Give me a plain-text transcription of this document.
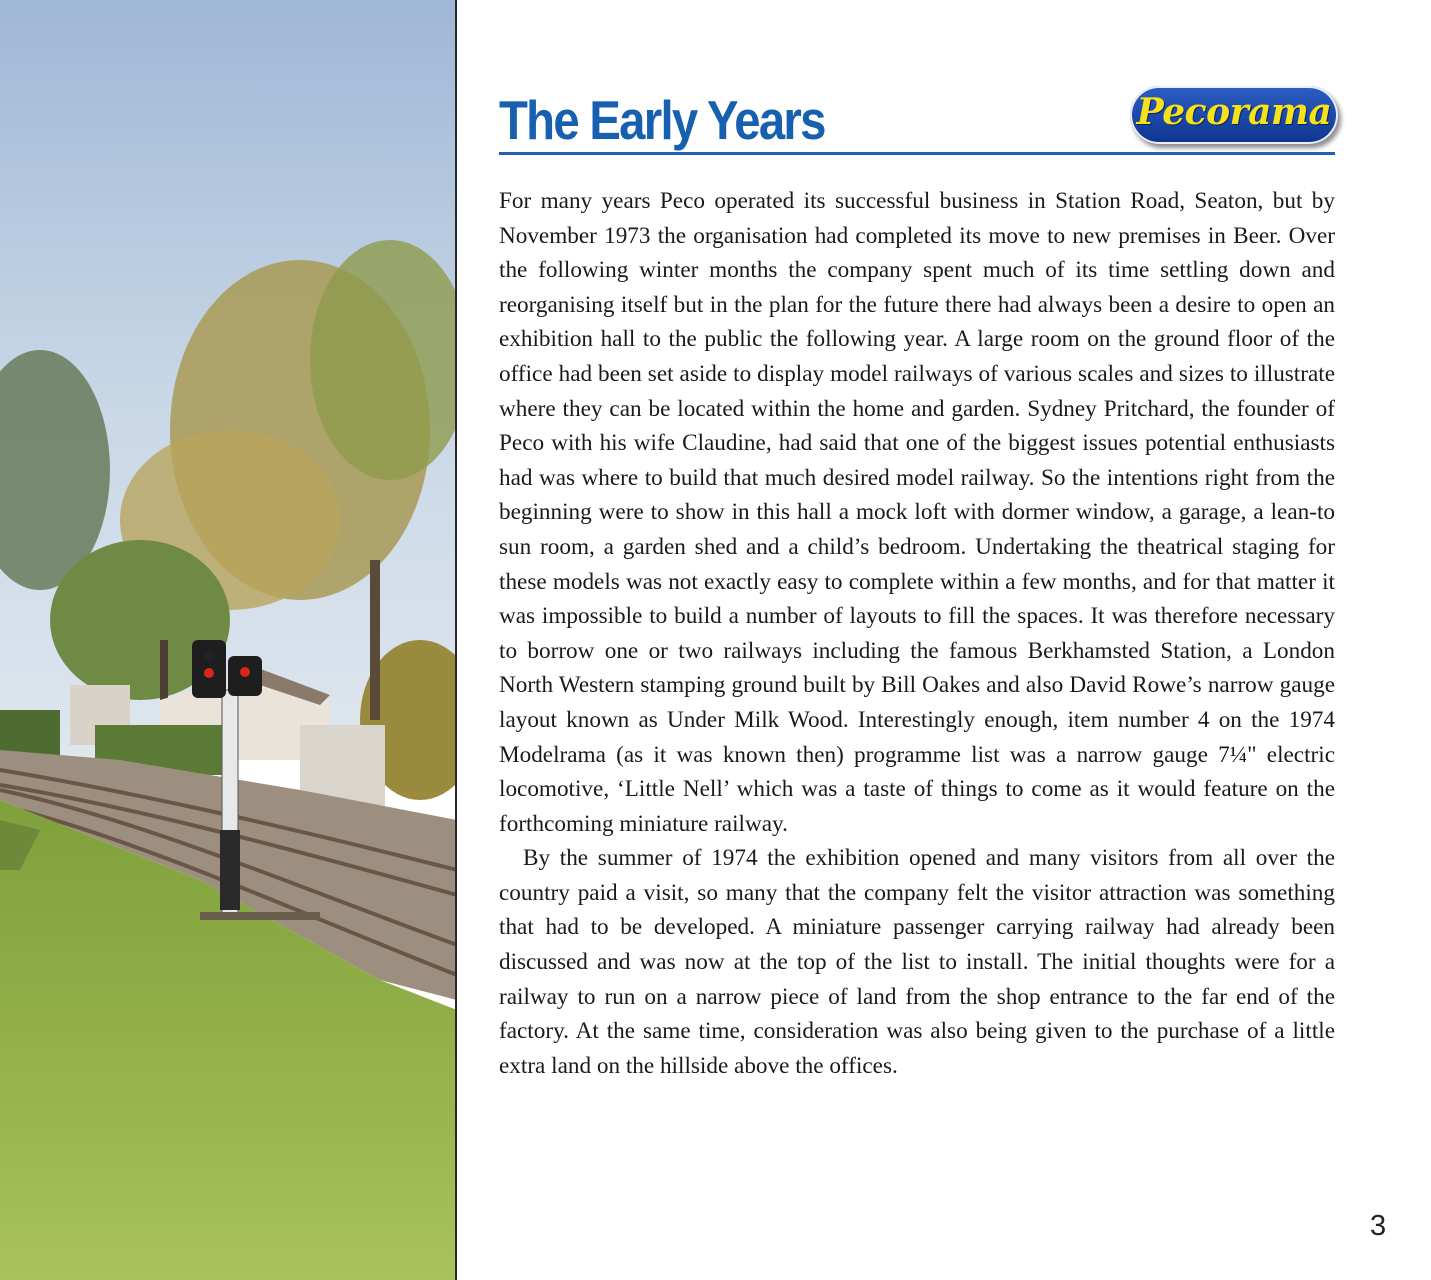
The Early Years	Pecorama

For many years Peco operated its successful business in Station Road, Seaton, but by November 1973 the organisation had completed its move to new premises in Beer. Over the following winter months the company spent much of its time settling down and reorganising itself but in the plan for the future there had always been a desire to open an exhibition hall to the public the following year. A large room on the ground floor of the office had been set aside to display model railways of various scales and sizes to illustrate where they can be located within the home and garden. Sydney Pritchard, the founder of Peco with his wife Claudine, had said that one of the biggest issues potential enthusiasts had was where to build that much desired model railway. So the intentions right from the beginning were to show in this hall a mock loft with dormer window, a garage, a lean-to sun room, a garden shed and a child’s bedroom. Undertaking the theatrical staging for these models was not exactly easy to complete within a few months, and for that matter it was impossible to build a number of layouts to fill the spaces. It was therefore necessary to borrow one or two railways including the famous Berkhamsted Station, a London North Western stamping ground built by Bill Oakes and also David Rowe’s narrow gauge layout known as Under Milk Wood. Interestingly enough, item number 4 on the 1974 Modelrama (as it was known then) programme list was a narrow gauge 7¼" electric locomotive, ‘Little Nell’ which was a taste of things to come as it would feature on the forthcoming miniature railway.

By the summer of 1974 the exhibition opened and many visitors from all over the country paid a visit, so many that the company felt the visitor attraction was something that had to be developed. A miniature passenger carrying railway had already been discussed and was now at the top of the list to install. The initial thoughts were for a railway to run on a narrow piece of land from the shop entrance to the far end of the factory. At the same time, consideration was also being given to the purchase of a little extra land on the hillside above the offices.

3
